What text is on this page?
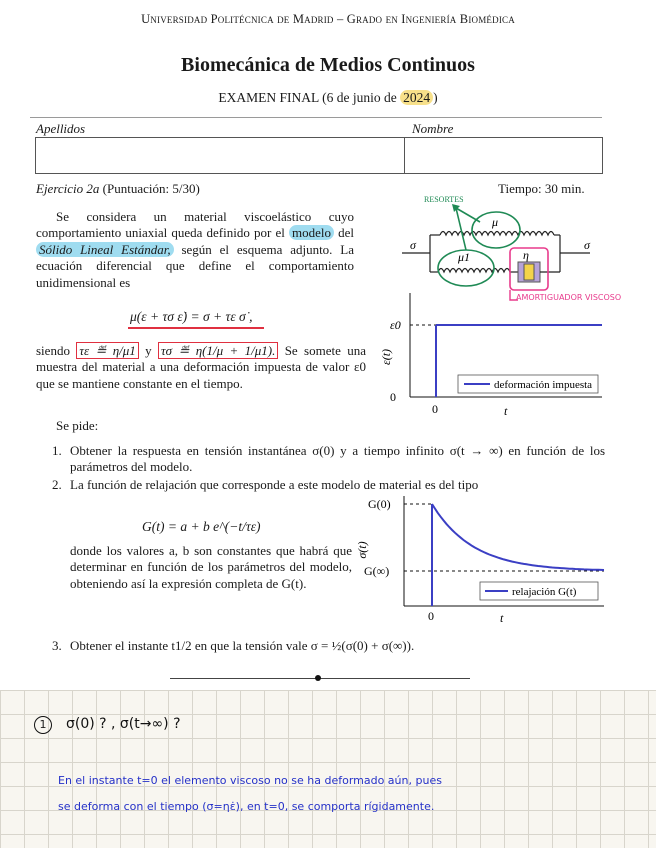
Universidad Politécnica de Madrid – Grado en Ingeniería Biomédica
Biomecánica de Medios Continuos
EXAMEN FINAL (6 de junio de 2024 )
Apellidos	Nombre
Ejercicio 2a (Puntuación: 5/30)	Tiempo: 30 min.
Se considera un material viscoelástico cuyo comportamiento uniaxial queda definido por el modelo del Sólido Lineal Estándar, según el esquema adjunto. La ecuación diferencial que define el comportamiento unidimensional es
μ(ε + τσ ε̇) = σ + τε σ̇ ,
siendo τε ≝ η/μ1 y τσ ≝ η(1/μ + 1/μ1). Se somete una muestra del material a una deformación impuesta de valor ε0 que se mantiene constante en el tiempo.
σ	σ
μ
μ1	η
RESORTES
AMORTIGUADOR VISCOSO
ε0
0
0	t
ε(t)
deformación impuesta
Se pide:
1. Obtener la respuesta en tensión instantánea σ(0) y a tiempo infinito σ(t → ∞) en función de los parámetros del modelo.
2. La función de relajación que corresponde a este modelo de material es del tipo
G(t) = a + b e^(−t/τε)
donde los valores a, b son constantes que habrá que determinar en función de los parámetros del modelo, obteniendo así la expresión completa de G(t).
G(0)
G(∞)
0	t
σ(t)
relajación G(t)
3. Obtener el instante t1/2 en que la tensión vale σ = ½(σ(0) + σ(∞)).
1	σ(0) ? , σ(t→∞) ?
En el instante t=0 el elemento viscoso no se ha deformado aún, pues
se deforma con el tiempo (σ=ηε̇), en t=0, se comporta rígidamente.
